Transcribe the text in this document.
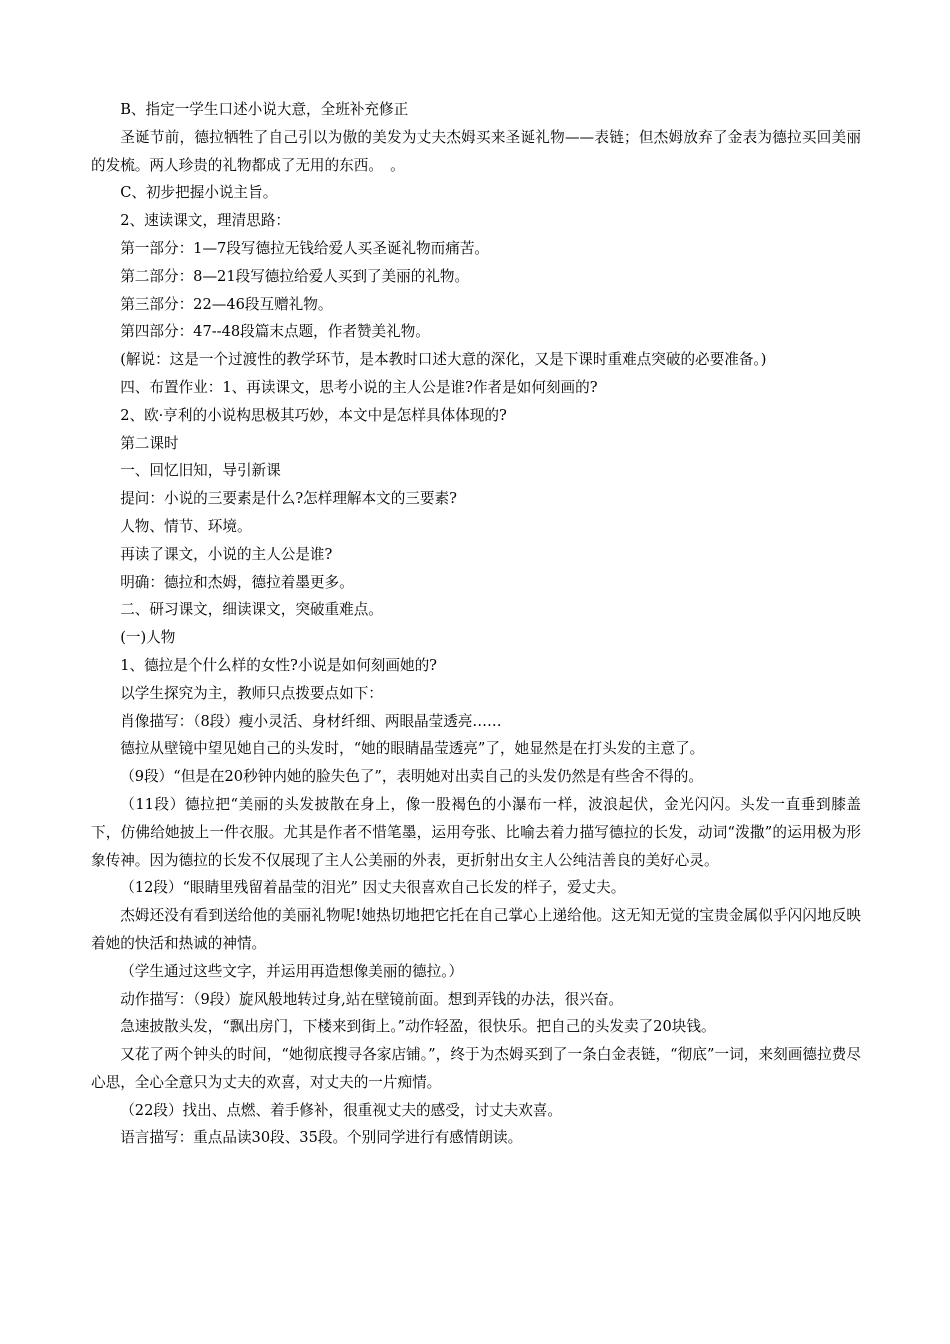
B、指定一学生口述小说大意，全班补充修正

圣诞节前，德拉牺牲了自己引以为傲的美发为丈夫杰姆买来圣诞礼物——表链；但杰姆放弃了金表为德拉买回美丽的发梳。两人珍贵的礼物都成了无用的东西。　。

C、初步把握小说主旨。

2、速读课文，理清思路：

第一部分：1—7段写德拉无钱给爱人买圣诞礼物而痛苦。

第二部分：8—21段写德拉给爱人买到了美丽的礼物。

第三部分：22—46段互赠礼物。

第四部分：47--48段篇末点题，作者赞美礼物。

(解说：这是一个过渡性的教学环节，是本教时口述大意的深化，又是下课时重难点突破的必要准备。)

四、布置作业：1、再读课文，思考小说的主人公是谁?作者是如何刻画的?

2、欧·亨利的小说构思极其巧妙，本文中是怎样具体体现的?

第二课时

一、回忆旧知，导引新课

提问：小说的三要素是什么?怎样理解本文的三要素?

人物、情节、环境。

再读了课文，小说的主人公是谁?

明确：德拉和杰姆，德拉着墨更多。

二、研习课文，细读课文，突破重难点。

(一)人物

1、德拉是个什么样的女性?小说是如何刻画她的?

以学生探究为主，教师只点拨要点如下：

肖像描写：（8段）瘦小灵活、身材纤细、两眼晶莹透亮……

德拉从壁镜中望见她自己的头发时，“她的眼睛晶莹透亮”了，她显然是在打头发的主意了。

（9段）“但是在20秒钟内她的脸失色了”，表明她对出卖自己的头发仍然是有些舍不得的。

（11段）德拉把“美丽的头发披散在身上，像一股褐色的小瀑布一样，波浪起伏，金光闪闪。头发一直垂到膝盖下，仿佛给她披上一件衣服。尤其是作者不惜笔墨，运用夸张、比喻去着力描写德拉的长发，动词“泼撒”的运用极为形象传神。因为德拉的长发不仅展现了主人公美丽的外表，更折射出女主人公纯洁善良的美好心灵。

（12段）“眼睛里残留着晶莹的泪光” 因丈夫很喜欢自己长发的样子，爱丈夫。

杰姆还没有看到送给他的美丽礼物呢!她热切地把它托在自己掌心上递给他。这无知无觉的宝贵金属似乎闪闪地反映着她的快活和热诚的神情。

（学生通过这些文字，并运用再造想像美丽的德拉。）

动作描写：（9段）旋风般地转过身,站在壁镜前面。想到弄钱的办法，很兴奋。

急速披散头发，“飘出房门，下楼来到街上。”动作轻盈，很快乐。把自己的头发卖了20块钱。

又花了两个钟头的时间，“她彻底搜寻各家店铺。”，终于为杰姆买到了一条白金表链，“彻底”一词，来刻画德拉费尽心思，全心全意只为丈夫的欢喜，对丈夫的一片痴情。

（22段）找出、点燃、着手修补，很重视丈夫的感受，讨丈夫欢喜。

语言描写：重点品读30段、35段。个别同学进行有感情朗读。
